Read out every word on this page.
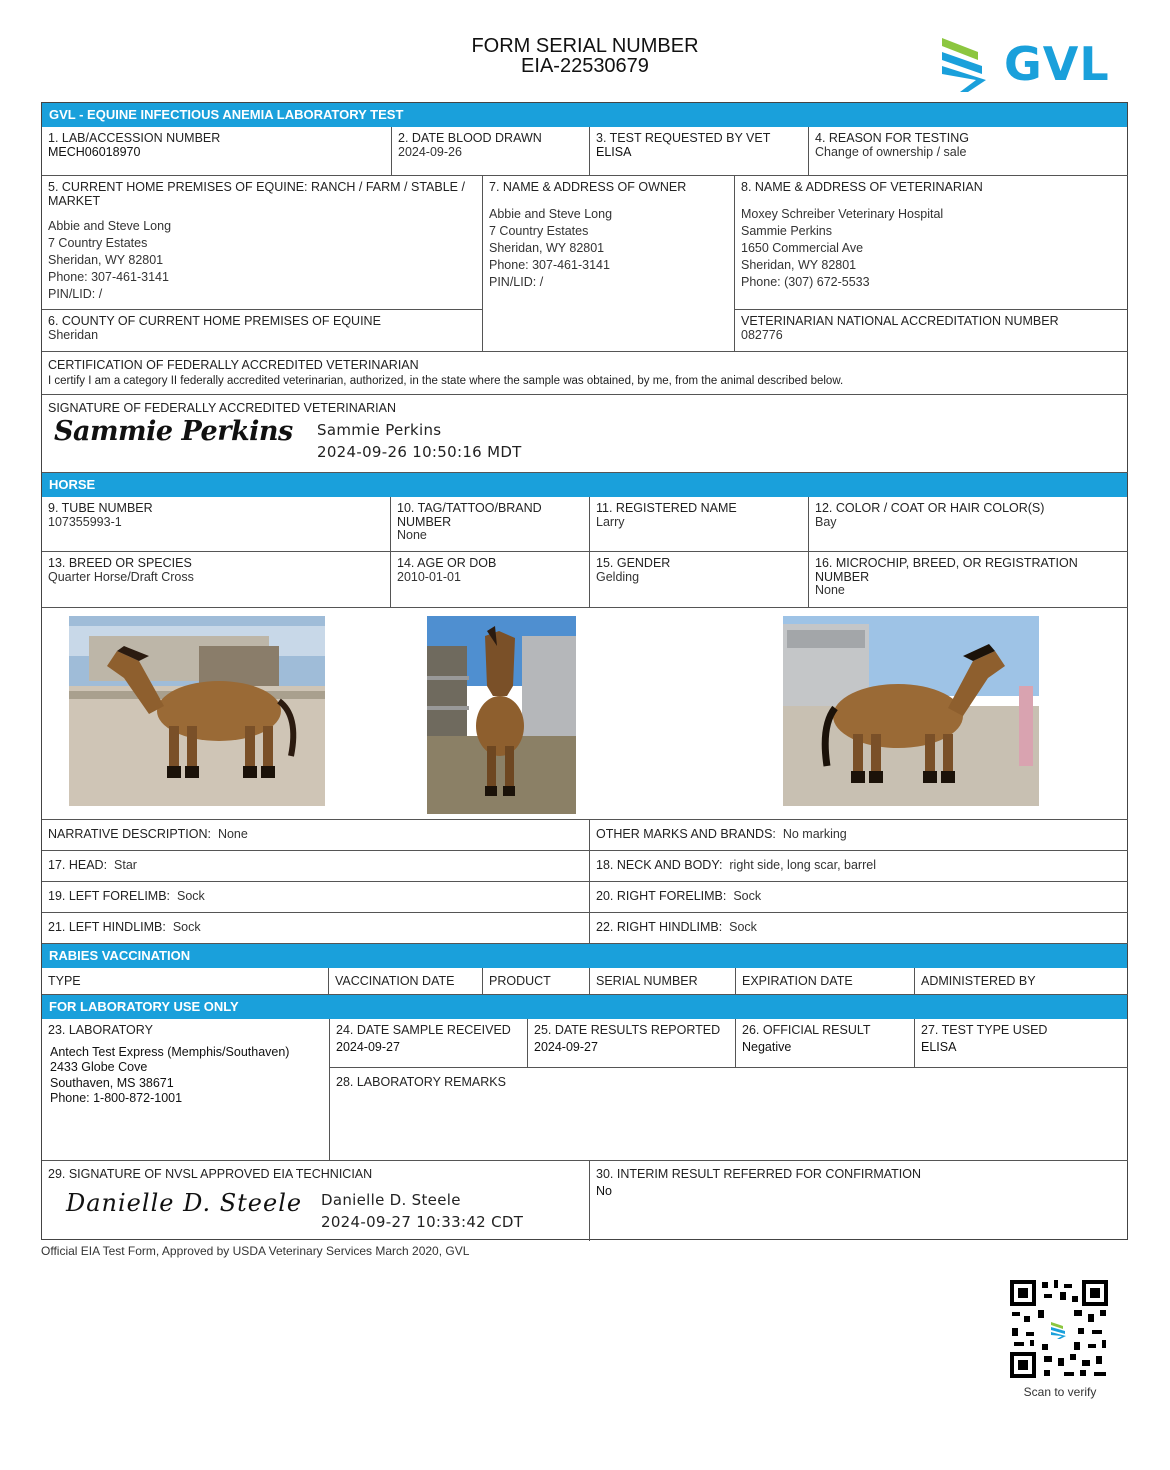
FORM SERIAL NUMBER
EIA-22530679	GVL
GVL - EQUINE INFECTIOUS ANEMIA LABORATORY TEST
1. LAB/ACCESSION NUMBER
MECH06018970
2. DATE BLOOD DRAWN
2024-09-26
3. TEST REQUESTED BY VET
ELISA
4. REASON FOR TESTING
Change of ownership / sale
5. CURRENT HOME PREMISES OF EQUINE: RANCH / FARM / STABLE / MARKET
Abbie and Steve Long
7 Country Estates
Sheridan, WY 82801
Phone: 307-461-3141
PIN/LID: /
7. NAME & ADDRESS OF OWNER
Abbie and Steve Long
7 Country Estates
Sheridan, WY 82801
Phone: 307-461-3141
PIN/LID: /
8. NAME & ADDRESS OF VETERINARIAN
Moxey Schreiber Veterinary Hospital
Sammie Perkins
1650 Commercial Ave
Sheridan, WY 82801
Phone: (307) 672-5533
6. COUNTY OF CURRENT HOME PREMISES OF EQUINE
Sheridan
VETERINARIAN NATIONAL ACCREDITATION NUMBER
082776
CERTIFICATION OF FEDERALLY ACCREDITED VETERINARIAN
I certify I am a category II federally accredited veterinarian, authorized, in the state where the sample was obtained, by me, from the animal described below.
SIGNATURE OF FEDERALLY ACCREDITED VETERINARIAN
Sammie Perkins Sammie Perkins
2024-09-26 10:50:16 MDT
HORSE
9. TUBE NUMBER
107355993-1
10. TAG/TATTOO/BRAND NUMBER
None
11. REGISTERED NAME
Larry
12. COLOR / COAT OR HAIR COLOR(S)
Bay
13. BREED OR SPECIES
Quarter Horse/Draft Cross
14. AGE OR DOB
2010-01-01
15. GENDER
Gelding
16. MICROCHIP, BREED, OR REGISTRATION NUMBER
None
NARRATIVE DESCRIPTION: None	OTHER MARKS AND BRANDS: No marking
17. HEAD: Star	18. NECK AND BODY: right side, long scar, barrel
19. LEFT FORELIMB: Sock	20. RIGHT FORELIMB: Sock
21. LEFT HINDLIMB: Sock	22. RIGHT HINDLIMB: Sock
RABIES VACCINATION
TYPE	VACCINATION DATE	PRODUCT	SERIAL NUMBER	EXPIRATION DATE	ADMINISTERED BY
FOR LABORATORY USE ONLY
23. LABORATORY
Antech Test Express (Memphis/Southaven)
2433 Globe Cove
Southaven, MS 38671
Phone: 1-800-872-1001
24. DATE SAMPLE RECEIVED
2024-09-27
25. DATE RESULTS REPORTED
2024-09-27
26. OFFICIAL RESULT
Negative
27. TEST TYPE USED
ELISA
28. LABORATORY REMARKS
29. SIGNATURE OF NVSL APPROVED EIA TECHNICIAN
Danielle D. Steele Danielle D. Steele
2024-09-27 10:33:42 CDT
30. INTERIM RESULT REFERRED FOR CONFIRMATION
No
Official EIA Test Form, Approved by USDA Veterinary Services March 2020, GVL
Scan to verify
